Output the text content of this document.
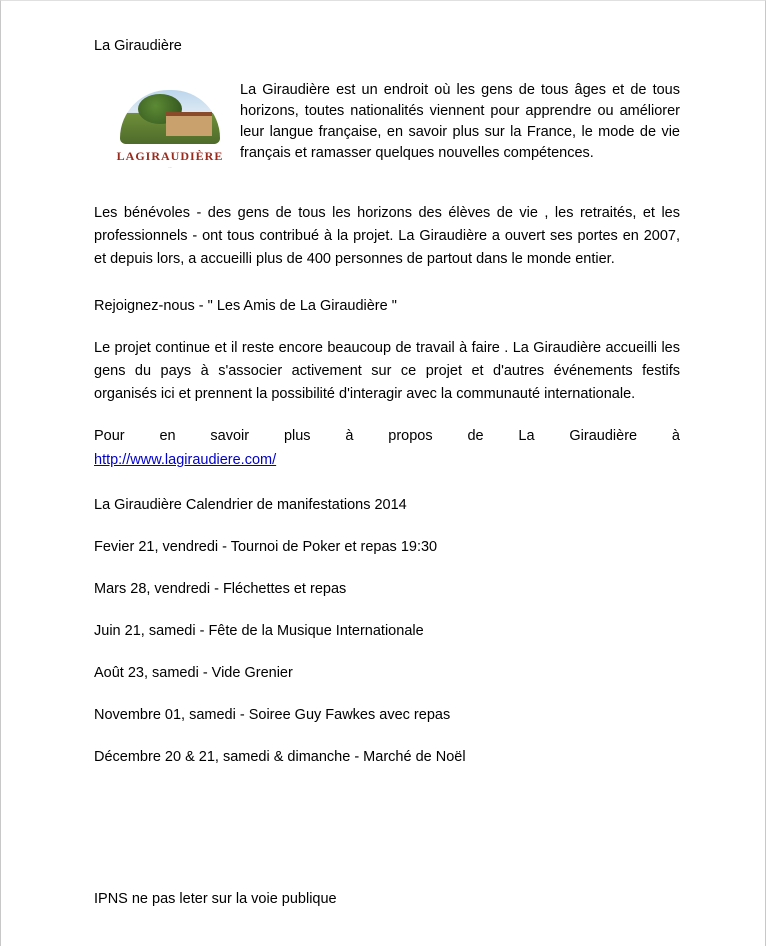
La Giraudière

LAGIRAUDIÈRE
...

La Giraudière est un endroit où les gens de tous âges et de tous horizons, toutes nationalités viennent pour apprendre ou améliorer leur langue française, en savoir plus sur la France, le mode de vie français et ramasser quelques nouvelles compétences.

Les bénévoles - des gens de tous les horizons des élèves de vie , les retraités, et les professionnels - ont tous contribué à la projet. La Giraudière a ouvert ses portes en 2007, et depuis lors, a accueilli plus de 400 personnes de partout dans le monde entier.

Rejoignez-nous - " Les Amis de La Giraudière "

Le projet continue et il reste encore beaucoup de travail à faire . La Giraudière accueilli les gens du pays à s'associer activement sur ce projet et d'autres événements festifs organisés ici et prennent la possibilité d'interagir avec la communauté internationale.

Pour en savoir plus à propos de La Giraudière à

http://www.lagiraudiere.com/

La Giraudière Calendrier de manifestations 2014

Fevier 21, vendredi - Tournoi de Poker et repas 19:30

Mars 28, vendredi - Fléchettes et repas

Juin 21, samedi - Fête de la Musique Internationale

Août 23, samedi - Vide Grenier

Novembre 01, samedi - Soiree Guy Fawkes avec repas

Décembre 20 & 21, samedi & dimanche - Marché de Noël

IPNS ne pas leter sur la voie publique
